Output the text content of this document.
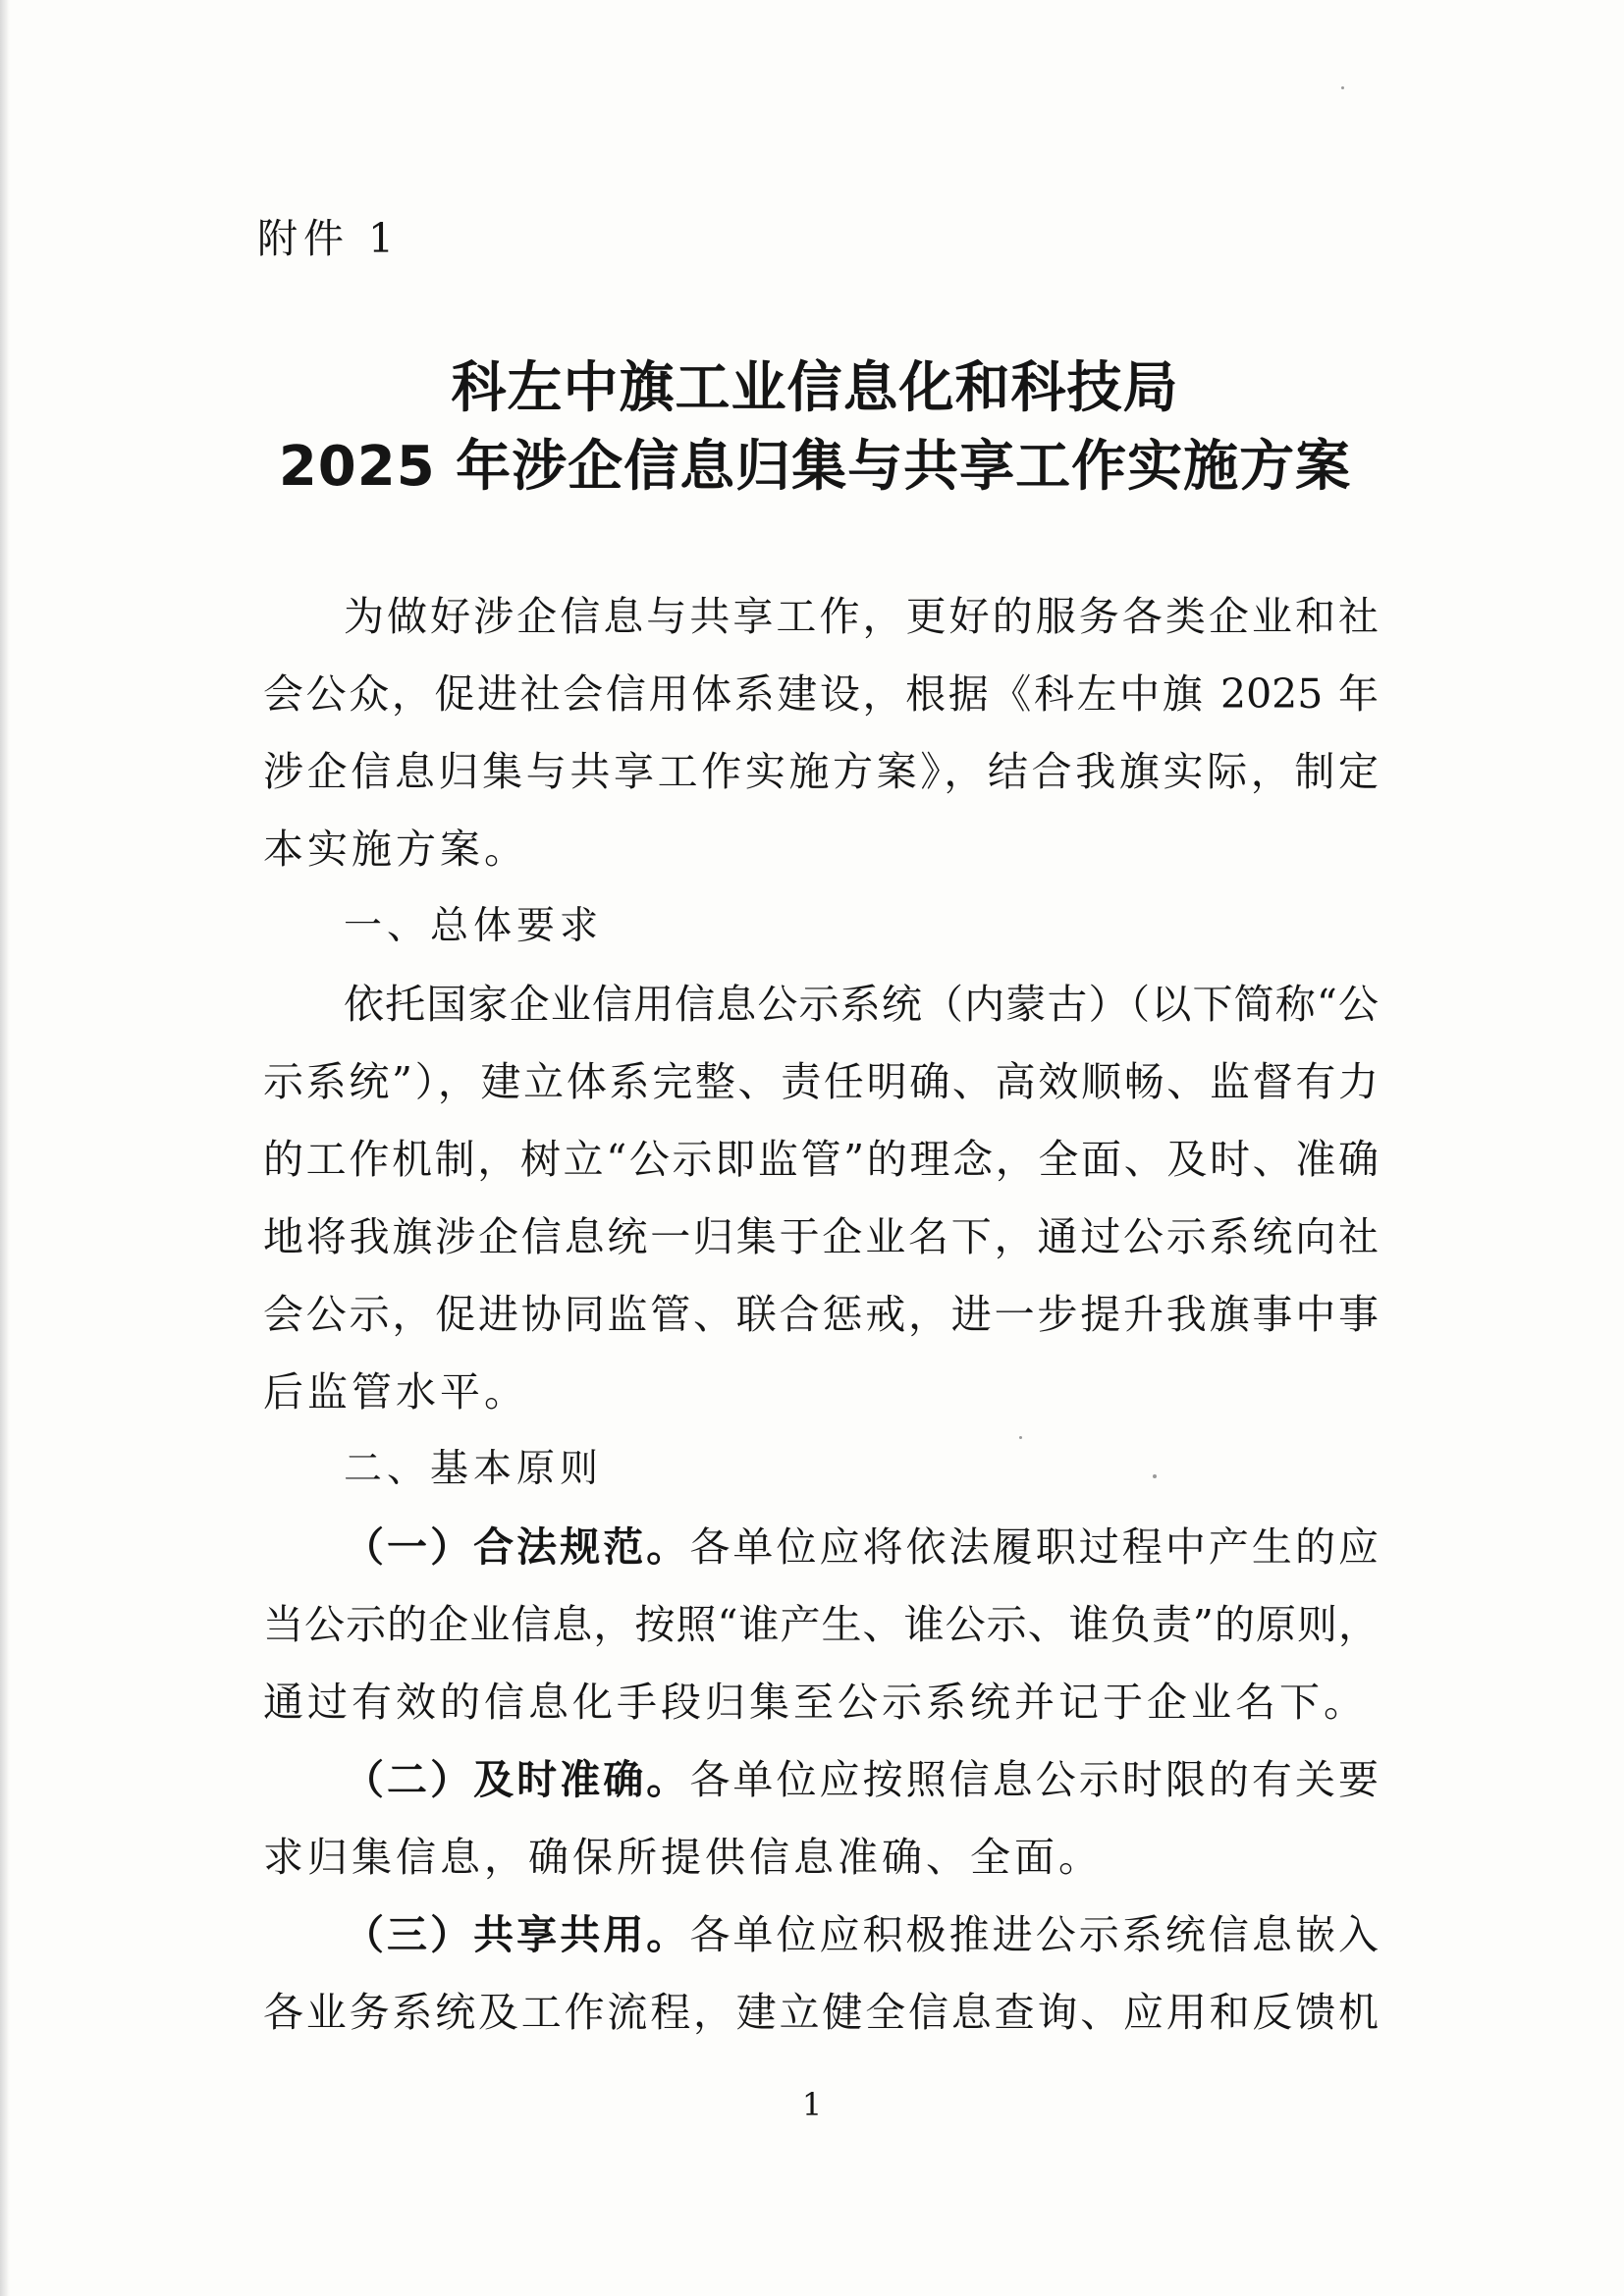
附件 1
科左中旗工业信息化和科技局
2025 年涉企信息归集与共享工作实施方案
为做好涉企信息与共享工作，更好的服务各类企业和社
会公众，促进社会信用体系建设，根据《科左中旗 2025 年
涉企信息归集与共享工作实施方案》，结合我旗实际，制定
本实施方案。
一、总体要求
依托国家企业信用信息公示系统（内蒙古）（以下简称“公
示系统”），建立体系完整、责任明确、高效顺畅、监督有力
的工作机制，树立“公示即监管”的理念，全面、及时、准确
地将我旗涉企信息统一归集于企业名下，通过公示系统向社
会公示，促进协同监管、联合惩戒，进一步提升我旗事中事
后监管水平。
二、基本原则
（一）合法规范。各单位应将依法履职过程中产生的应
当公示的企业信息，按照“谁产生、谁公示、谁负责”的原则，
通过有效的信息化手段归集至公示系统并记于企业名下。
（二）及时准确。各单位应按照信息公示时限的有关要
求归集信息，确保所提供信息准确、全面。
（三）共享共用。各单位应积极推进公示系统信息嵌入
各业务系统及工作流程，建立健全信息查询、应用和反馈机
1
